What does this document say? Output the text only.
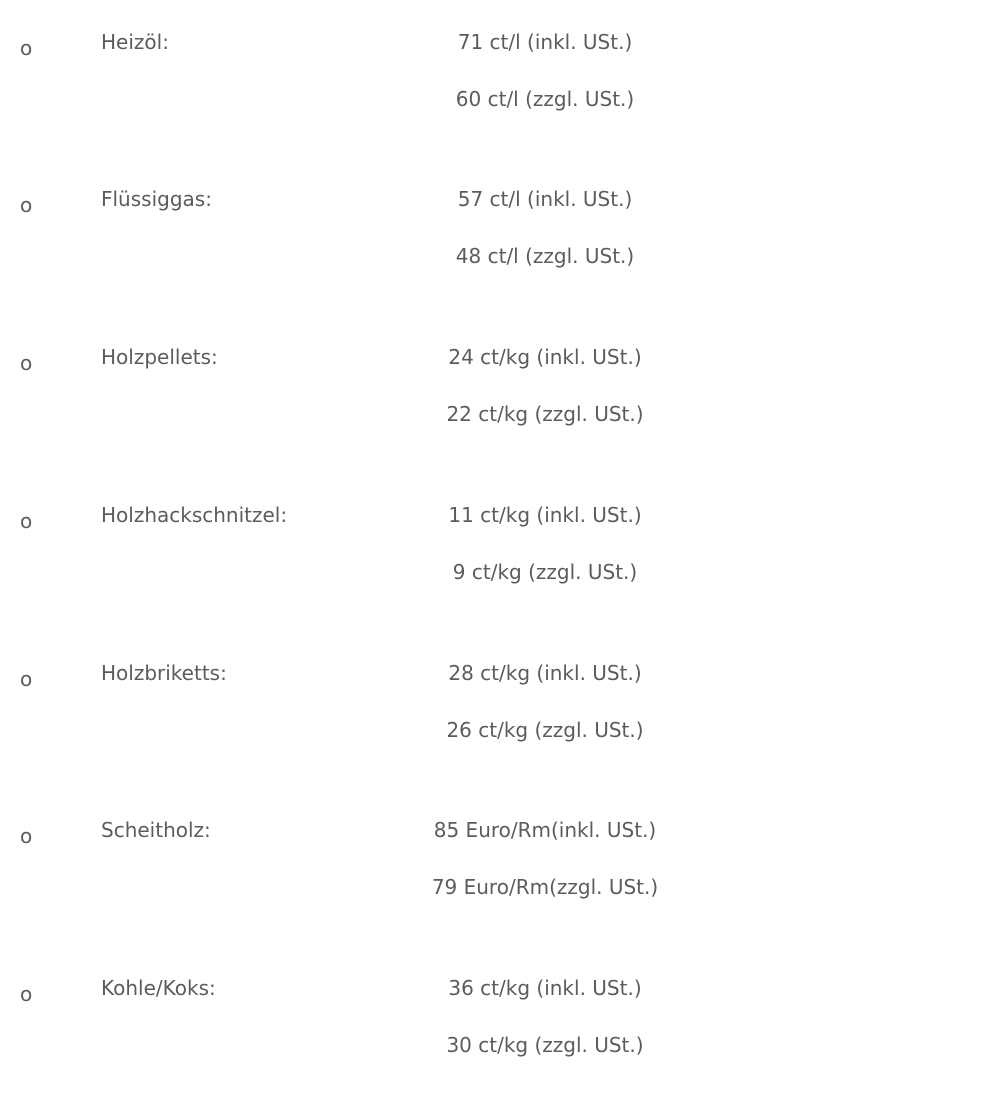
o	Heizöl:	71 ct/l (inkl. USt.)
60 ct/l (zzgl. USt.)
o	Flüssiggas:	57 ct/l (inkl. USt.)
48 ct/l (zzgl. USt.)
o	Holzpellets:	24 ct/kg (inkl. USt.)
22 ct/kg (zzgl. USt.)
o	Holzhackschnitzel:	11 ct/kg (inkl. USt.)
9 ct/kg (zzgl. USt.)
o	Holzbriketts:	28 ct/kg (inkl. USt.)
26 ct/kg (zzgl. USt.)
o	Scheitholz:	85 Euro/Rm(inkl. USt.)
79 Euro/Rm(zzgl. USt.)
o	Kohle/Koks:	36 ct/kg (inkl. USt.)
30 ct/kg (zzgl. USt.)
